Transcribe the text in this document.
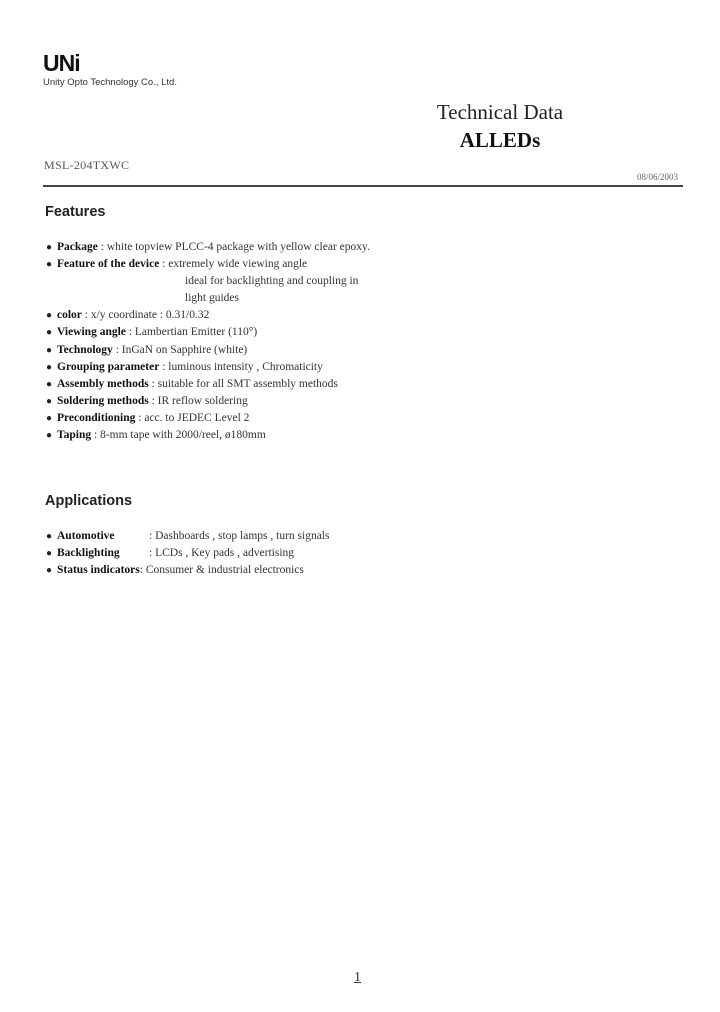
UNi
Unity Opto Technology Co., Ltd.
Technical Data
ALLEDs
MSL-204TXWC
08/06/2003
Features
● Package : white topview PLCC-4 package with yellow clear epoxy.
● Feature of the device : extremely wide viewing angle
ideal for backlighting and coupling in
light guides
● color : x/y coordinate : 0.31/0.32
● Viewing angle : Lambertian Emitter (110°)
● Technology : InGaN on Sapphire (white)
● Grouping parameter : luminous intensity , Chromaticity
● Assembly methods : suitable for all SMT assembly methods
● Soldering methods : IR reflow soldering
● Preconditioning : acc. to JEDEC Level 2
● Taping : 8-mm tape with 2000/reel, ø180mm
Applications
● Automotive	: Dashboards , stop lamps , turn signals
● Backlighting	: LCDs , Key pads , advertising
● Status indicators: Consumer & industrial electronics
1
